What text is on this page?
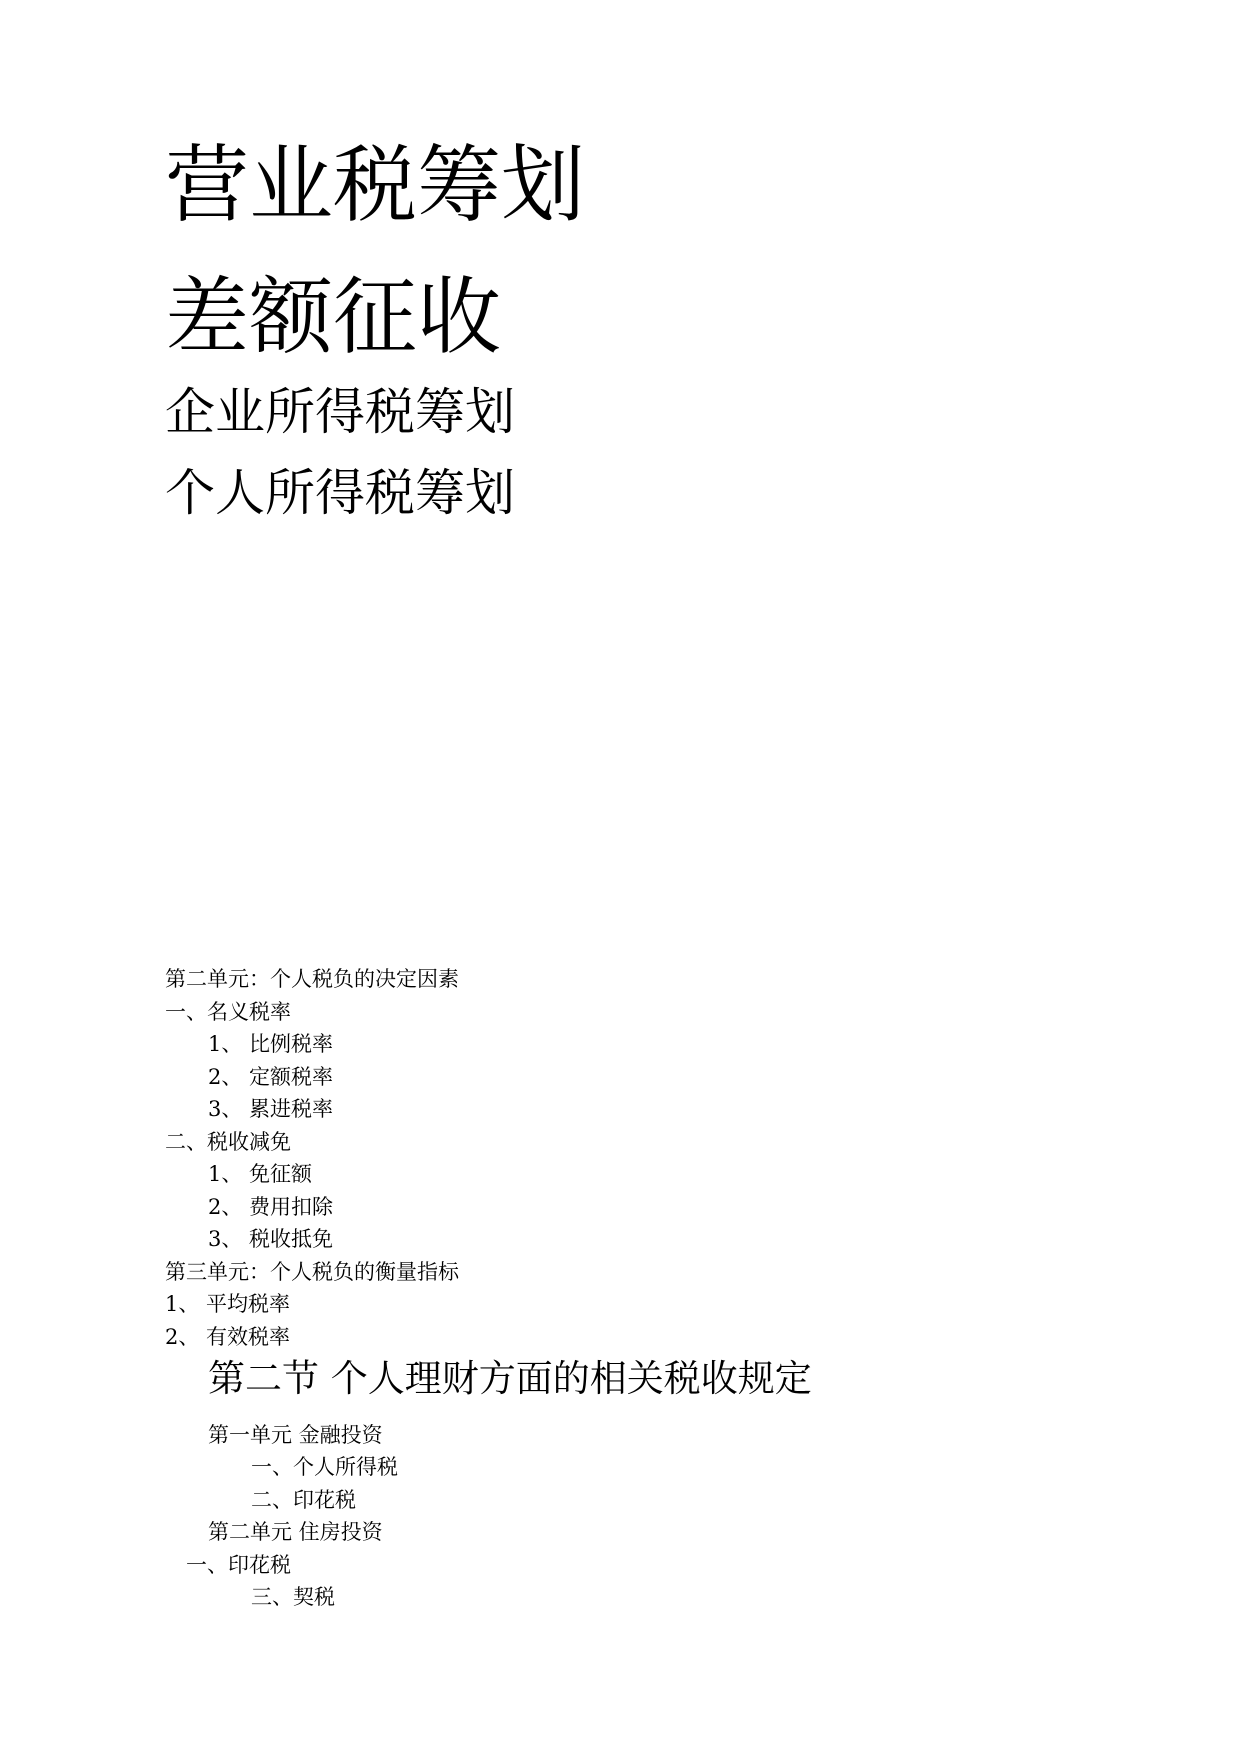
营业税筹划
差额征收
企业所得税筹划
个人所得税筹划
第二单元：个人税负的决定因素
一、名义税率
1、 比例税率
2、 定额税率
3、 累进税率
二、税收减免
1、 免征额
2、 费用扣除
3、 税收抵免
第三单元：个人税负的衡量指标
1、 平均税率
2、 有效税率
第二节 个人理财方面的相关税收规定
第一单元 金融投资
一、个人所得税
二、印花税
第二单元 住房投资
一、印花税
三、契税
